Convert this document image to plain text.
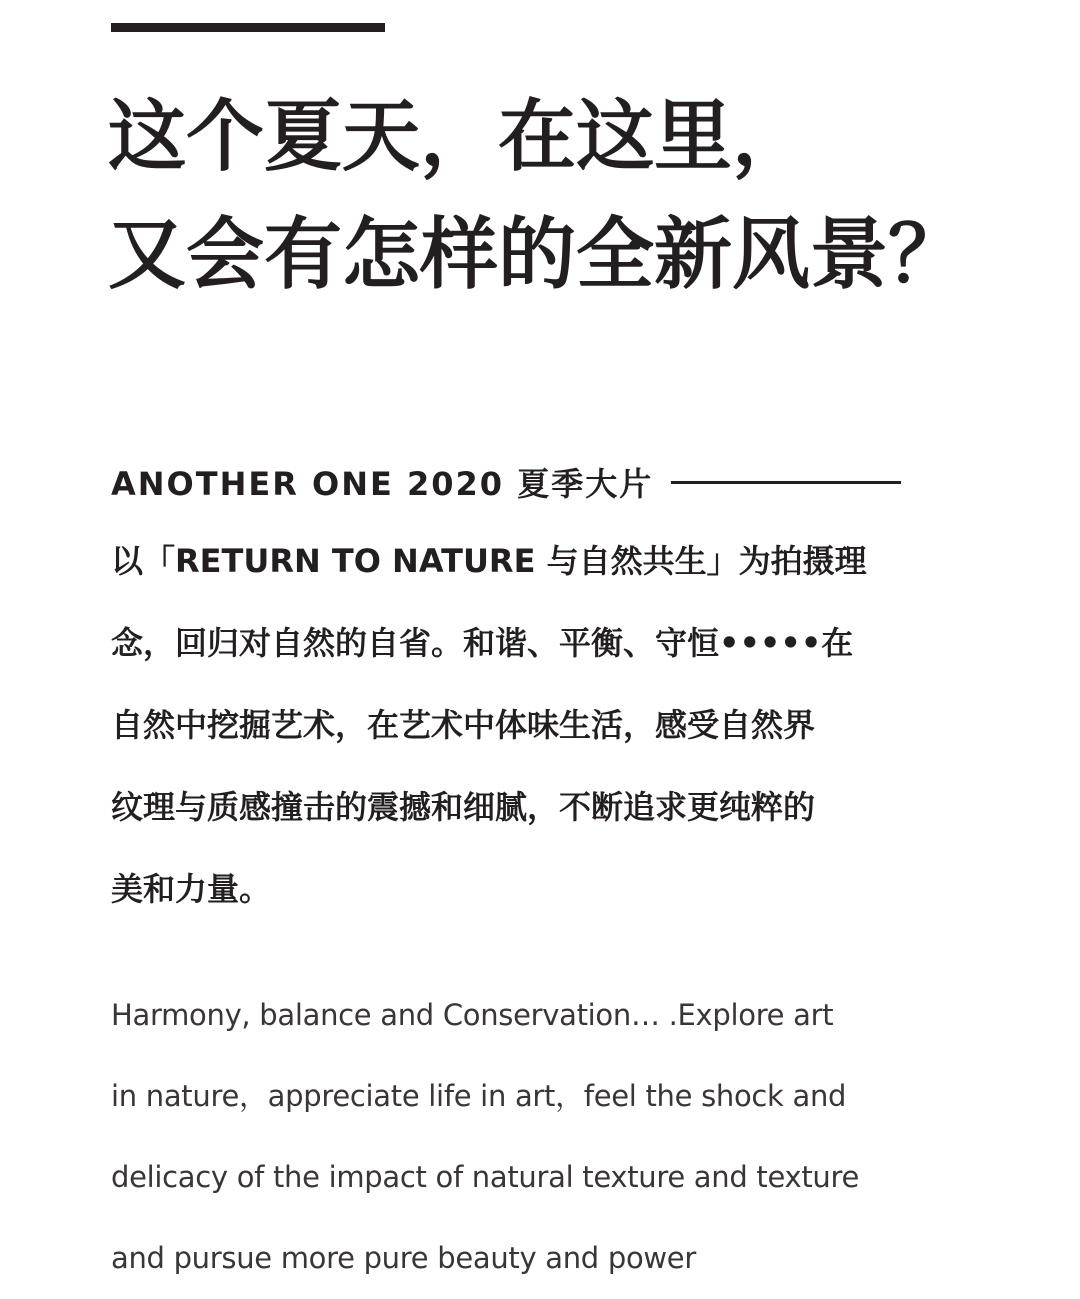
这个夏天，在这里，
又会有怎样的全新风景？
ANOTHER ONE 2020 夏季大片

以「RETURN TO NATURE 与自然共生」为拍摄理
念，回归对自然的自省。和谐、平衡、守恒•••••在
自然中挖掘艺术，在艺术中体味生活，感受自然界
纹理与质感撞击的震撼和细腻，不断追求更纯粹的
美和力量。

Harmony, balance and Conservation… .Explore art
in nature，appreciate life in art，feel the shock and
delicacy of the impact of natural texture and texture
and pursue more pure beauty and power
